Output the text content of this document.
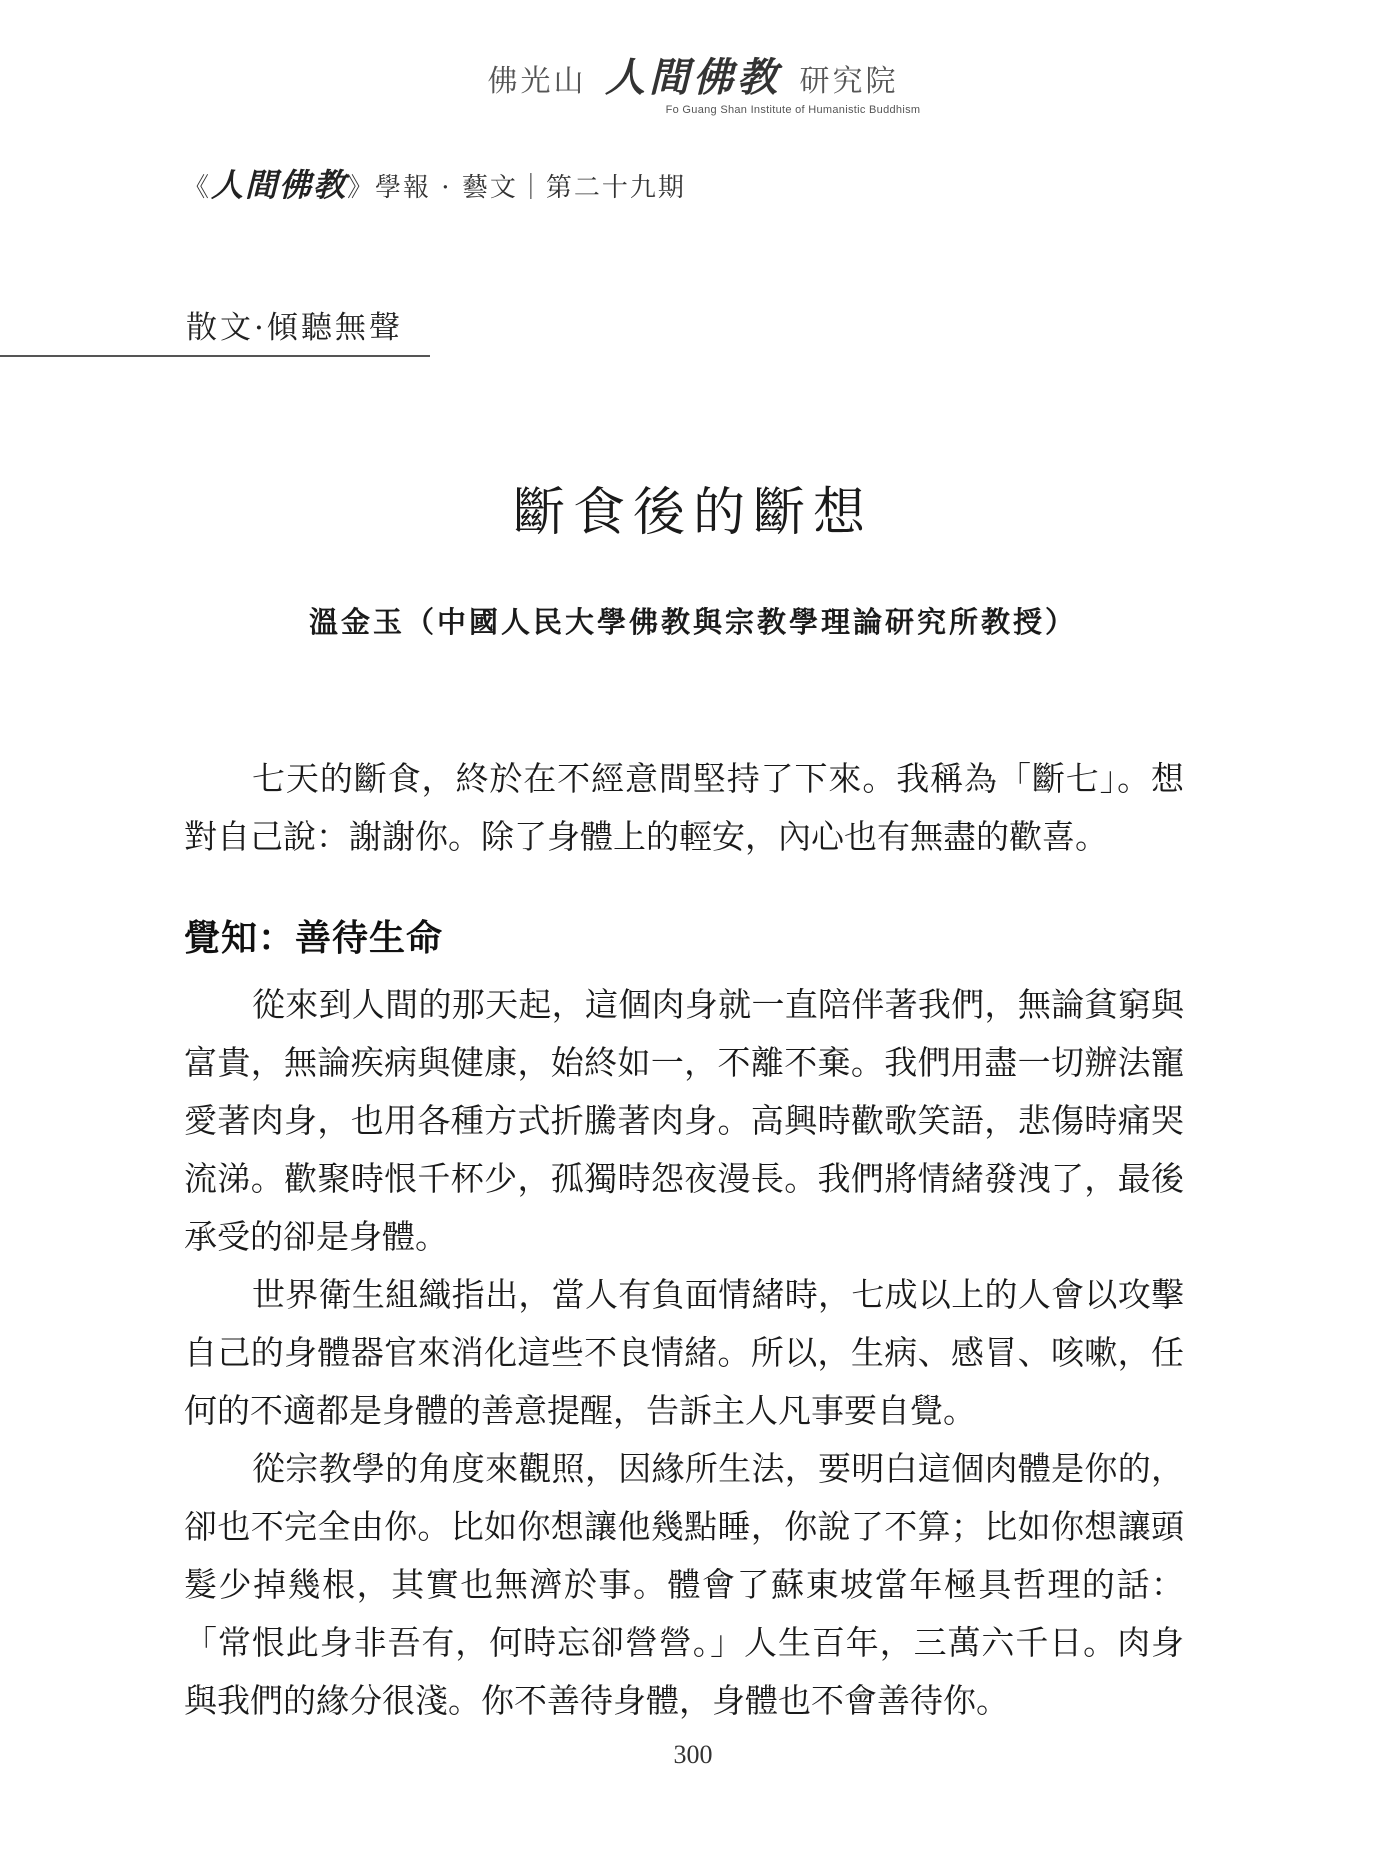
佛光山 人間佛教 研究院
Fo Guang Shan Institute of Humanistic Buddhism
《人間佛教》學報 · 藝文｜第二十九期
散文·傾聽無聲
斷食後的斷想
溫金玉（中國人民大學佛教與宗教學理論研究所教授）

七天的斷食，終於在不經意間堅持了下來。我稱為「斷七」。想對自己說：謝謝你。除了身體上的輕安，內心也有無盡的歡喜。

覺知：善待生命

從來到人間的那天起，這個肉身就一直陪伴著我們，無論貧窮與富貴，無論疾病與健康，始終如一，不離不棄。我們用盡一切辦法寵愛著肉身，也用各種方式折騰著肉身。高興時歡歌笑語，悲傷時痛哭流涕。歡聚時恨千杯少，孤獨時怨夜漫長。我們將情緒發洩了，最後承受的卻是身體。

世界衛生組織指出，當人有負面情緒時，七成以上的人會以攻擊自己的身體器官來消化這些不良情緒。所以，生病、感冒、咳嗽，任何的不適都是身體的善意提醒，告訴主人凡事要自覺。

從宗教學的角度來觀照，因緣所生法，要明白這個肉體是你的，卻也不完全由你。比如你想讓他幾點睡，你說了不算；比如你想讓頭髮少掉幾根，其實也無濟於事。體會了蘇東坡當年極具哲理的話：「常恨此身非吾有，何時忘卻營營。」人生百年，三萬六千日。肉身與我們的緣分很淺。你不善待身體，身體也不會善待你。

300
